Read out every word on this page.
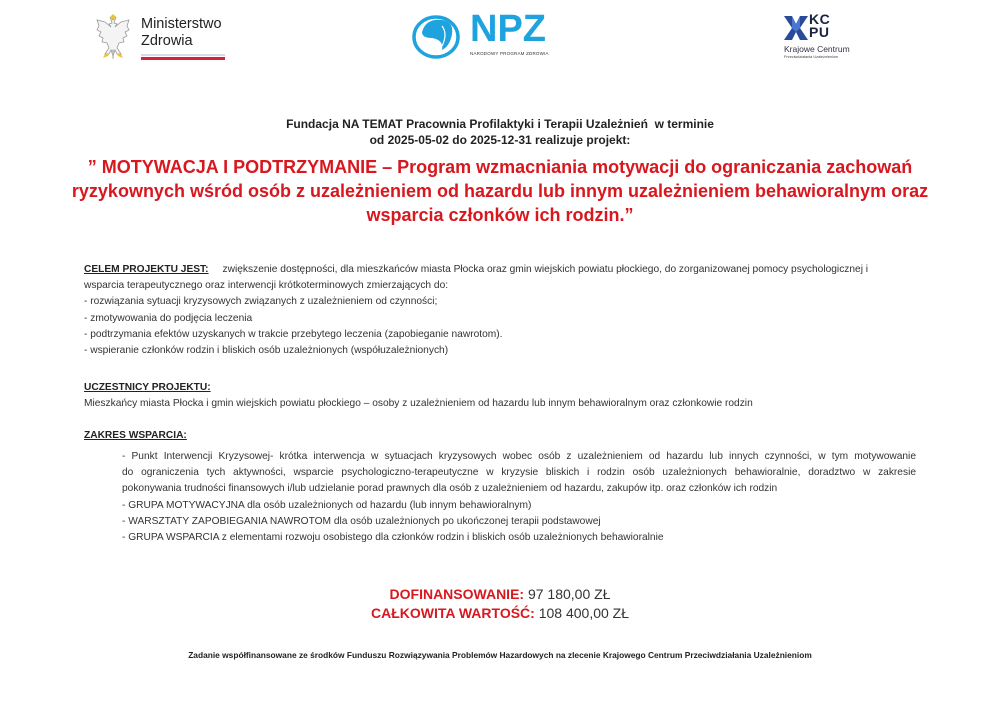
Ministerstwo
Zdrowia	NPZ
NARODOWY PROGRAM ZDROWIA
KC
PU
Krajowe Centrum
Przeciwdziałania Uzależnieniom
Fundacja NA TEMAT Pracownia Profilaktyki i Terapii Uzależnień  w terminie
od 2025-05-02 do 2025-12-31 realizuje projekt:
” MOTYWACJA I PODTRZYMANIE – Program wzmacniania motywacji do ograniczania zachowań
ryzykownych wśród osób z uzależnieniem od hazardu lub innym uzależnieniem behawioralnym oraz
wsparcia członków ich rodzin.”
CELEM PROJEKTU JEST: zwiększenie dostępności, dla mieszkańców miasta Płocka oraz gmin wiejskich powiatu płockiego, do zorganizowanej pomocy psychologicznej i
wsparcia terapeutycznego oraz interwencji krótkoterminowych zmierzających do:
- rozwiązania sytuacji kryzysowych związanych z uzależnieniem od czynności;
- zmotywowania do podjęcia leczenia
- podtrzymania efektów uzyskanych w trakcie przebytego leczenia (zapobieganie nawrotom).
- wspieranie członków rodzin i bliskich osób uzależnionych (współuzależnionych)
UCZESTNICY PROJEKTU:
Mieszkańcy miasta Płocka i gmin wiejskich powiatu płockiego – osoby z uzależnieniem od hazardu lub innym behawioralnym oraz członkowie rodzin
ZAKRES WSPARCIA:
- Punkt Interwencji Kryzysowej- krótka interwencja w sytuacjach kryzysowych wobec osób z uzależnieniem od hazardu lub innych czynności, w tym motywowanie
do ograniczenia tych aktywności, wsparcie psychologiczno-terapeutyczne w kryzysie bliskich i rodzin osób uzależnionych behawioralnie, doradztwo w zakresie
pokonywania trudności finansowych i/lub udzielanie porad prawnych dla osób z uzależnieniem od hazardu, zakupów itp. oraz członków ich rodzin
- GRUPA MOTYWACYJNA dla osób uzależnionych od hazardu (lub innym behawioralnym)
- WARSZTATY ZAPOBIEGANIA NAWROTOM dla osób uzależnionych po ukończonej terapii podstawowej
- GRUPA WSPARCIA z elementami rozwoju osobistego dla członków rodzin i bliskich osób uzależnionych behawioralnie
DOFINANSOWANIE: 97 180,00 ZŁ
CAŁKOWITA WARTOŚĆ: 108 400,00 ZŁ
Zadanie współfinansowane ze środków Funduszu Rozwiązywania Problemów Hazardowych na zlecenie Krajowego Centrum Przeciwdziałania Uzależnieniom
